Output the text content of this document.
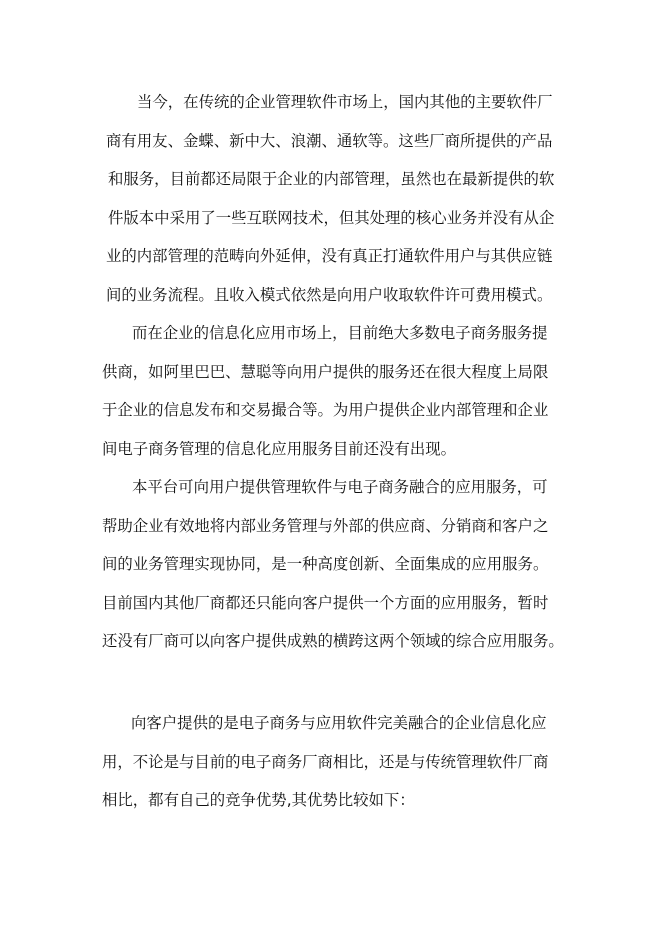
当今，在传统的企业管理软件市场上，国内其他的主要软件厂
商有用友、金蝶、新中大、浪潮、通软等。这些厂商所提供的产品
和服务，目前都还局限于企业的内部管理，虽然也在最新提供的软
件版本中采用了一些互联网技术，但其处理的核心业务并没有从企
业的内部管理的范畴向外延伸，没有真正打通软件用户与其供应链
间的业务流程。且收入模式依然是向用户收取软件许可费用模式。
而在企业的信息化应用市场上，目前绝大多数电子商务服务提
供商，如阿里巴巴、慧聪等向用户提供的服务还在很大程度上局限
于企业的信息发布和交易撮合等。为用户提供企业内部管理和企业
间电子商务管理的信息化应用服务目前还没有出现。
本平台可向用户提供管理软件与电子商务融合的应用服务，可
帮助企业有效地将内部业务管理与外部的供应商、分销商和客户之
间的业务管理实现协同，是一种高度创新、全面集成的应用服务。
目前国内其他厂商都还只能向客户提供一个方面的应用服务，暂时
还没有厂商可以向客户提供成熟的横跨这两个领域的综合应用服务。
向客户提供的是电子商务与应用软件完美融合的企业信息化应
用，不论是与目前的电子商务厂商相比，还是与传统管理软件厂商
相比，都有自己的竞争优势,其优势比较如下：
